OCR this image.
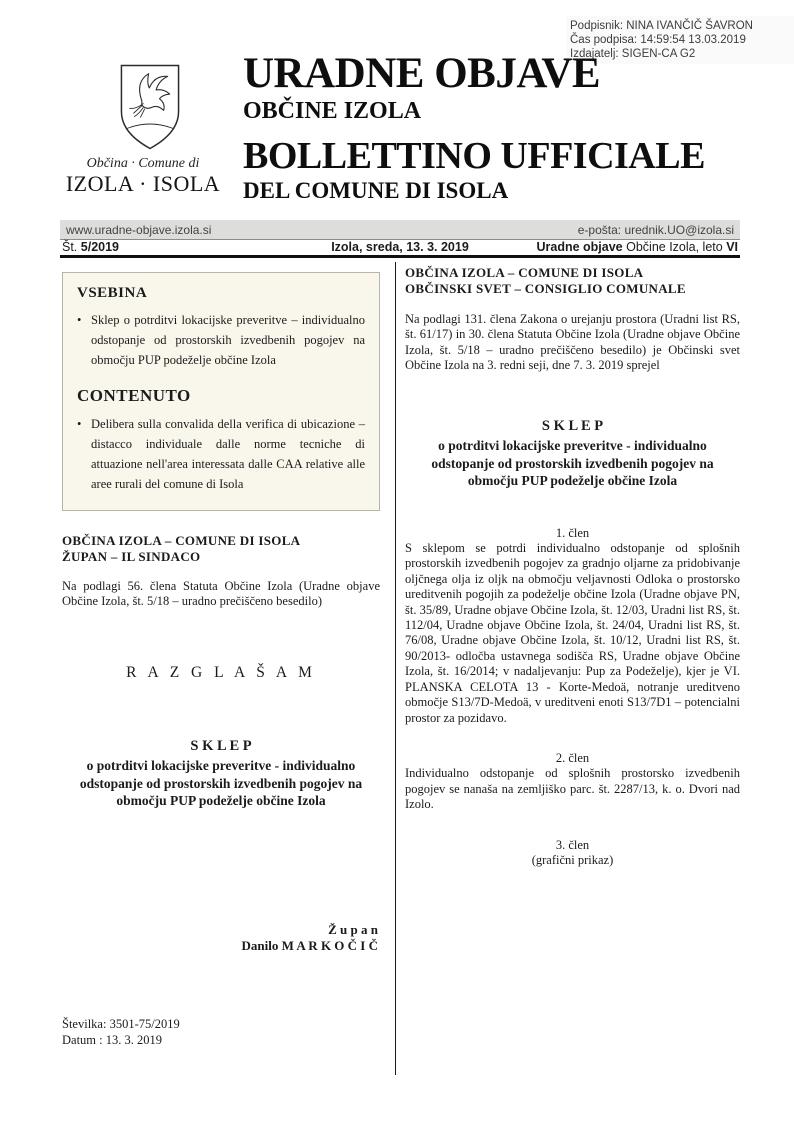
Podpisnik: NINA IVANČIČ ŠAVRON
Čas podpisa: 14:59:54 13.03.2019
Izdajatelj: SIGEN-CA G2
Občina · Comune di
IZOLA · ISOLA
URADNE OBJAVE
OBČINE IZOLA
BOLLETTINO UFFICIALE
DEL COMUNE DI ISOLA
www.uradne-objave.izola.si	e-pošta: urednik.UO@izola.si
Št. 5/2019	Izola, sreda, 13. 3. 2019	Uradne objave Občine Izola, leto VI
VSEBINA
• Sklep o potrditvi lokacijske preveritve – individualno odstopanje od prostorskih izvedbenih pogojev na območju PUP podeželje občine Izola
CONTENUTO
• Delibera sulla convalida della verifica di ubicazione – distacco individuale dalle norme tecniche di attuazione nell'area interessata dalle CAA relative alle aree rurali del comune di Isola
OBČINA IZOLA – COMUNE DI ISOLA
ŽUPAN – IL SINDACO

Na podlagi 56. člena Statuta Občine Izola (Uradne objave Občine Izola, št. 5/18 – uradno prečiščeno besedilo)

R A Z G L A Š A M
S K L E P
o potrditvi lokacijske preveritve - individualno odstopanje od prostorskih izvedbenih pogojev na območju PUP podeželje občine Izola
Ž u p a n
Danilo M A R K O Č I Č
Številka: 3501-75/2019
Datum : 13. 3. 2019
OBČINA IZOLA – COMUNE DI ISOLA
OBČINSKI SVET – CONSIGLIO COMUNALE

Na podlagi 131. člena Zakona o urejanju prostora (Uradni list RS, št. 61/17) in 30. člena Statuta Občine Izola (Uradne objave Občine Izola, št. 5/18 – uradno prečiščeno besedilo) je Občinski svet Občine Izola na 3. redni seji, dne 7. 3. 2019 sprejel

S K L E P
o potrditvi lokacijske preveritve - individualno odstopanje od prostorskih izvedbenih pogojev na območju PUP podeželje občine Izola
1. člen

S sklepom se potrdi individualno odstopanje od splošnih prostorskih izvedbenih pogojev za gradnjo oljarne za pridobivanje oljčnega olja iz oljk na območju veljavnosti Odloka o prostorsko ureditvenih pogojih za podeželje občine Izola (Uradne objave PN, št. 35/89, Uradne objave Občine Izola, št. 12/03, Uradni list RS, št. 112/04, Uradne objave Občine Izola, št. 24/04, Uradni list RS, št. 76/08, Uradne objave Občine Izola, št. 10/12, Uradni list RS, št. 90/2013- odločba ustavnega sodišča RS, Uradne objave Občine Izola, št. 16/2014; v nadaljevanju: Pup za Podeželje), kjer je VI. PLANSKA CELOTA 13 - Korte-Medoä, notranje ureditveno območje S13/7D-Medoä, v ureditveni enoti S13/7D1 – potencialni prostor za pozidavo.

2. člen

Individualno odstopanje od splošnih prostorsko izvedbenih pogojev se nanaša na zemljiško parc. št. 2287/13, k. o. Dvori nad Izolo.

3. člen

(grafični prikaz)
